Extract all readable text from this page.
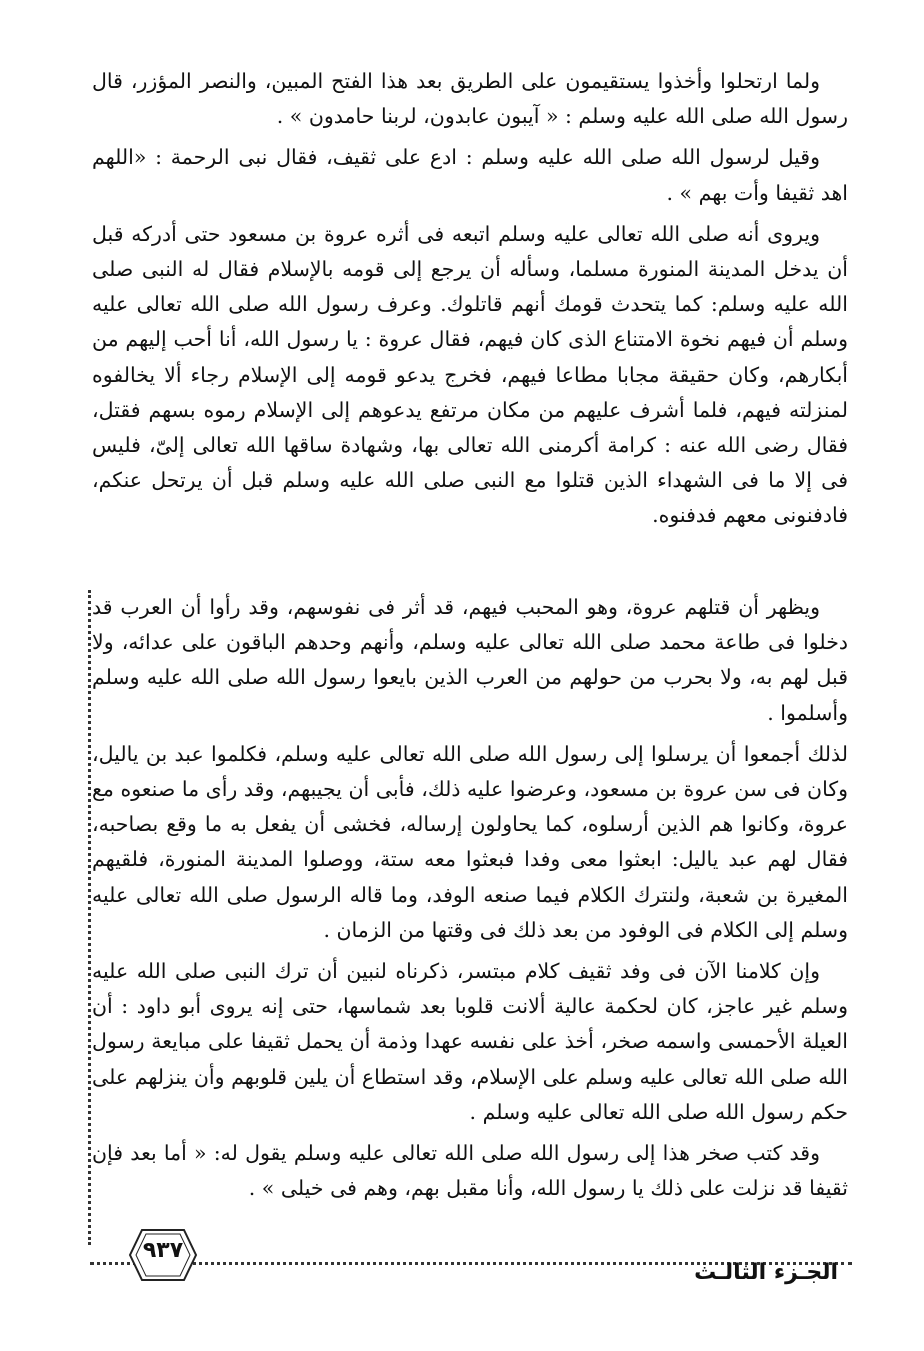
ولما ارتحلوا وأخذوا يستقيمون على الطريق بعد هذا الفتح المبين، والنصر المؤزر، قال رسول الله صلى الله عليه وسلم : « آيبون عابدون، لربنا حامدون » .

وقيل لرسول الله صلى الله عليه وسلم : ادع على ثقيف، فقال نبى الرحمة : «اللهم اهد ثقيفا وأت بهم » .

ويروى أنه صلى الله تعالى عليه وسلم اتبعه فى أثره عروة بن مسعود حتى أدركه قبل أن يدخل المدينة المنورة مسلما، وسأله أن يرجع إلى قومه بالإسلام فقال له النبى صلى الله عليه وسلم: كما يتحدث قومك أنهم قاتلوك. وعرف رسول الله صلى الله تعالى عليه وسلم أن فيهم نخوة الامتناع الذى كان فيهم، فقال عروة : يا رسول الله، أنا أحب إليهم من أبكارهم، وكان حقيقة مجابا مطاعا فيهم، فخرج يدعو قومه إلى الإسلام رجاء ألا يخالفوه لمنزلته فيهم، فلما أشرف عليهم من مكان مرتفع يدعوهم إلى الإسلام رموه بسهم فقتل، فقال رضى الله عنه : كرامة أكرمنى الله تعالى بها، وشهادة ساقها الله تعالى إلىّ، فليس فى إلا ما فى الشهداء الذين قتلوا مع النبى صلى الله عليه وسلم قبل أن يرتحل عنكم، فادفنونى معهم فدفنوه.

ويظهر أن قتلهم عروة، وهو المحبب فيهم، قد أثر فى نفوسهم، وقد رأوا أن العرب قد دخلوا فى طاعة محمد صلى الله تعالى عليه وسلم، وأنهم وحدهم الباقون على عدائه، ولا قبل لهم به، ولا بحرب من حولهم من العرب الذين بايعوا رسول الله صلى الله عليه وسلم وأسلموا .

لذلك أجمعوا أن يرسلوا إلى رسول الله صلى الله تعالى عليه وسلم، فكلموا عبد بن ياليل، وكان فى سن عروة بن مسعود، وعرضوا عليه ذلك، فأبى أن يجيبهم، وقد رأى ما صنعوه مع عروة، وكانوا هم الذين أرسلوه، كما يحاولون إرساله، فخشى أن يفعل به ما وقع بصاحبه، فقال لهم عبد ياليل: ابعثوا معى وفدا فبعثوا معه ستة، ووصلوا المدينة المنورة، فلقيهم المغيرة بن شعبة، ولنترك الكلام فيما صنعه الوفد، وما قاله الرسول صلى الله تعالى عليه وسلم إلى الكلام فى الوفود من بعد ذلك فى وقتها من الزمان .

وإن كلامنا الآن فى وفد ثقيف كلام مبتسر، ذكرناه لنبين أن ترك النبى صلى الله عليه وسلم غير عاجز، كان لحكمة عالية ألانت قلوبا بعد شماسها، حتى إنه يروى أبو داود : أن العيلة الأحمسى واسمه صخر، أخذ على نفسه عهدا وذمة أن يحمل ثقيفا على مبايعة رسول الله صلى الله تعالى عليه وسلم على الإسلام، وقد استطاع أن يلين قلوبهم وأن ينزلهم على حكم رسول الله صلى الله تعالى عليه وسلم .

وقد كتب صخر هذا إلى رسول الله صلى الله تعالى عليه وسلم يقول له: « أما بعد فإن ثقيفا قد نزلت على ذلك يا رسول الله، وأنا مقبل بهم، وهم فى خيلى » .

٩٣٧
الجـزء الثالـث
